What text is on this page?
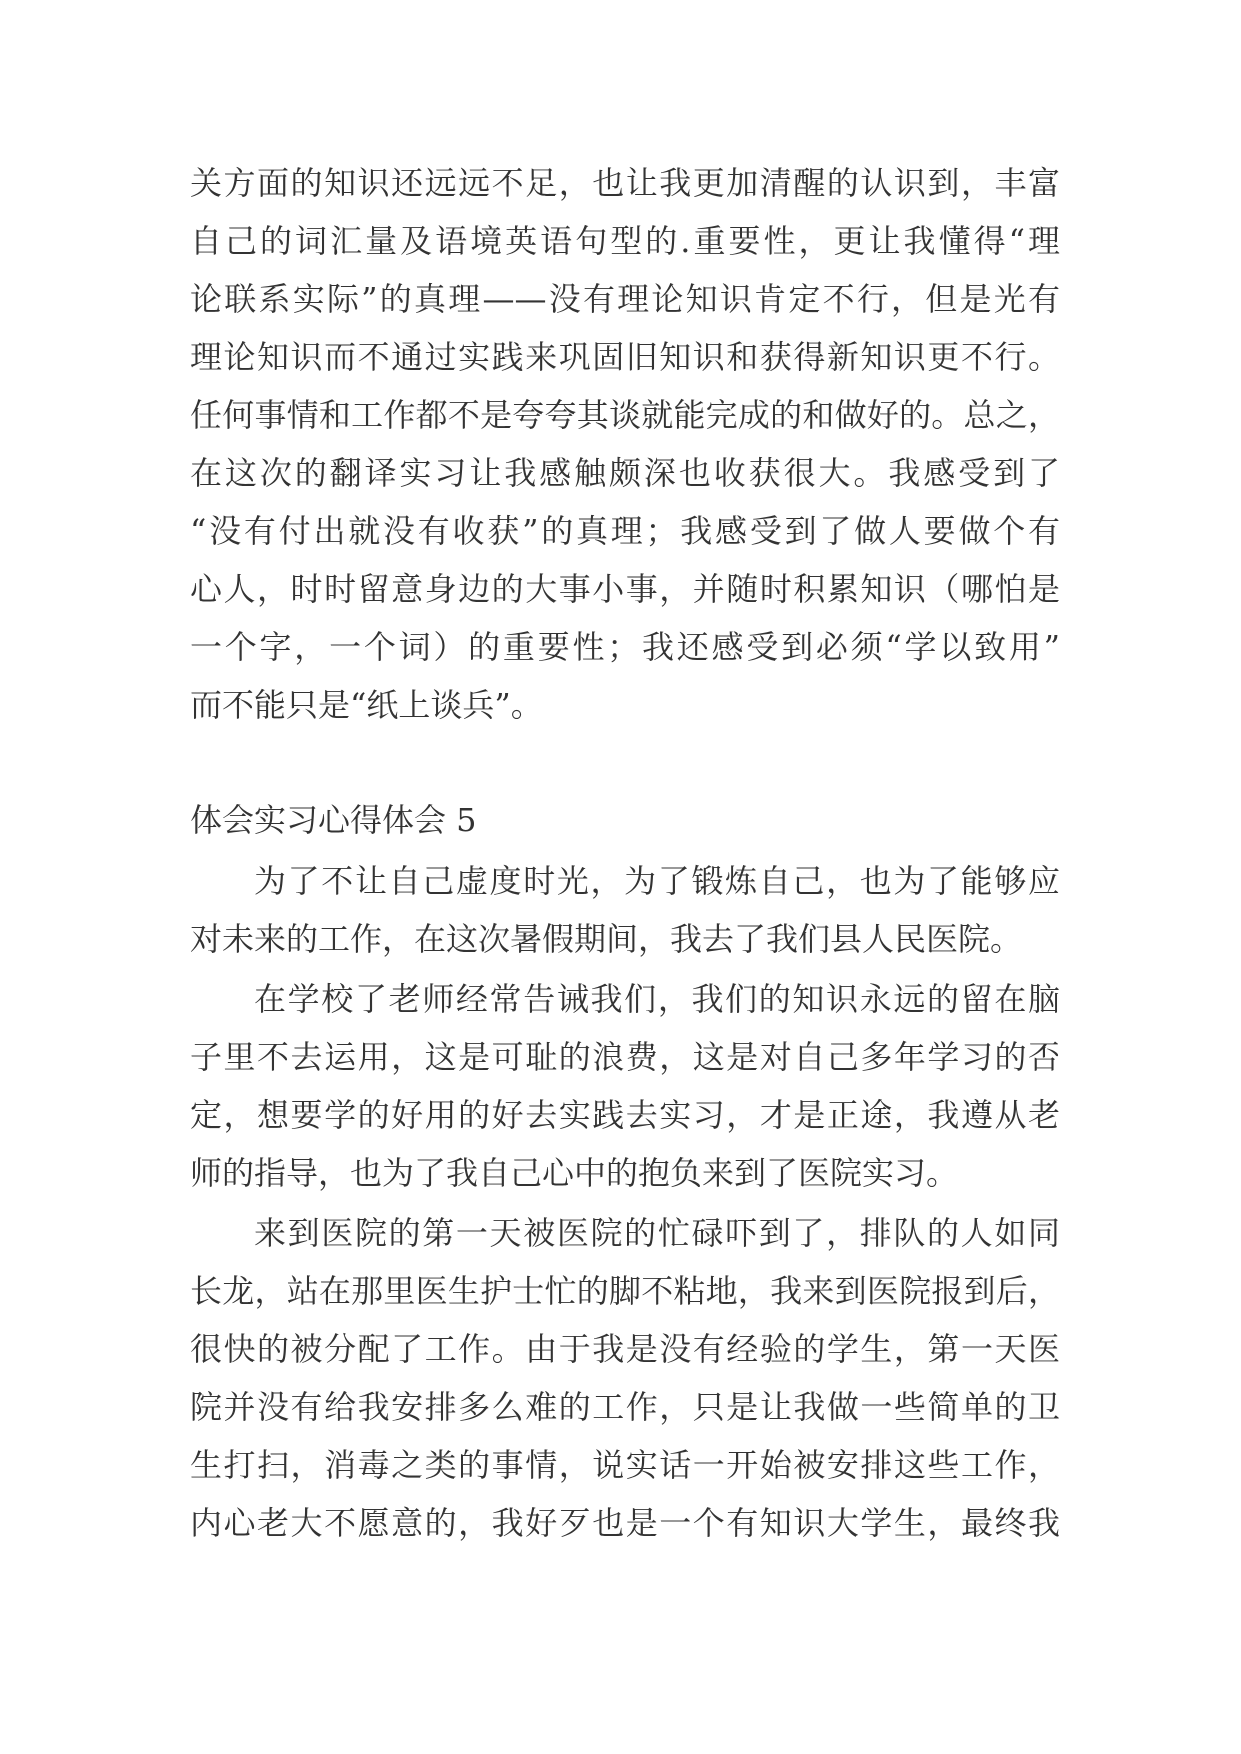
关方面的知识还远远不足，也让我更加清醒的认识到，丰富
自己的词汇量及语境英语句型的.重要性，更让我懂得“理
论联系实际”的真理——没有理论知识肯定不行，但是光有
理论知识而不通过实践来巩固旧知识和获得新知识更不行。
任何事情和工作都不是夸夸其谈就能完成的和做好的。总之，
在这次的翻译实习让我感触颇深也收获很大。我感受到了
“没有付出就没有收获”的真理；我感受到了做人要做个有
心人，时时留意身边的大事小事，并随时积累知识（哪怕是
一个字，一个词）的重要性；我还感受到必须“学以致用”
而不能只是“纸上谈兵”。
体会实习心得体会 5
为了不让自己虚度时光，为了锻炼自己，也为了能够应
对未来的工作，在这次暑假期间，我去了我们县人民医院。
在学校了老师经常告诫我们，我们的知识永远的留在脑
子里不去运用，这是可耻的浪费，这是对自己多年学习的否
定，想要学的好用的好去实践去实习，才是正途，我遵从老
师的指导，也为了我自己心中的抱负来到了医院实习。
来到医院的第一天被医院的忙碌吓到了，排队的人如同
长龙，站在那里医生护士忙的脚不粘地，我来到医院报到后，
很快的被分配了工作。由于我是没有经验的学生，第一天医
院并没有给我安排多么难的工作，只是让我做一些简单的卫
生打扫，消毒之类的事情，说实话一开始被安排这些工作，
内心老大不愿意的，我好歹也是一个有知识大学生，最终我
